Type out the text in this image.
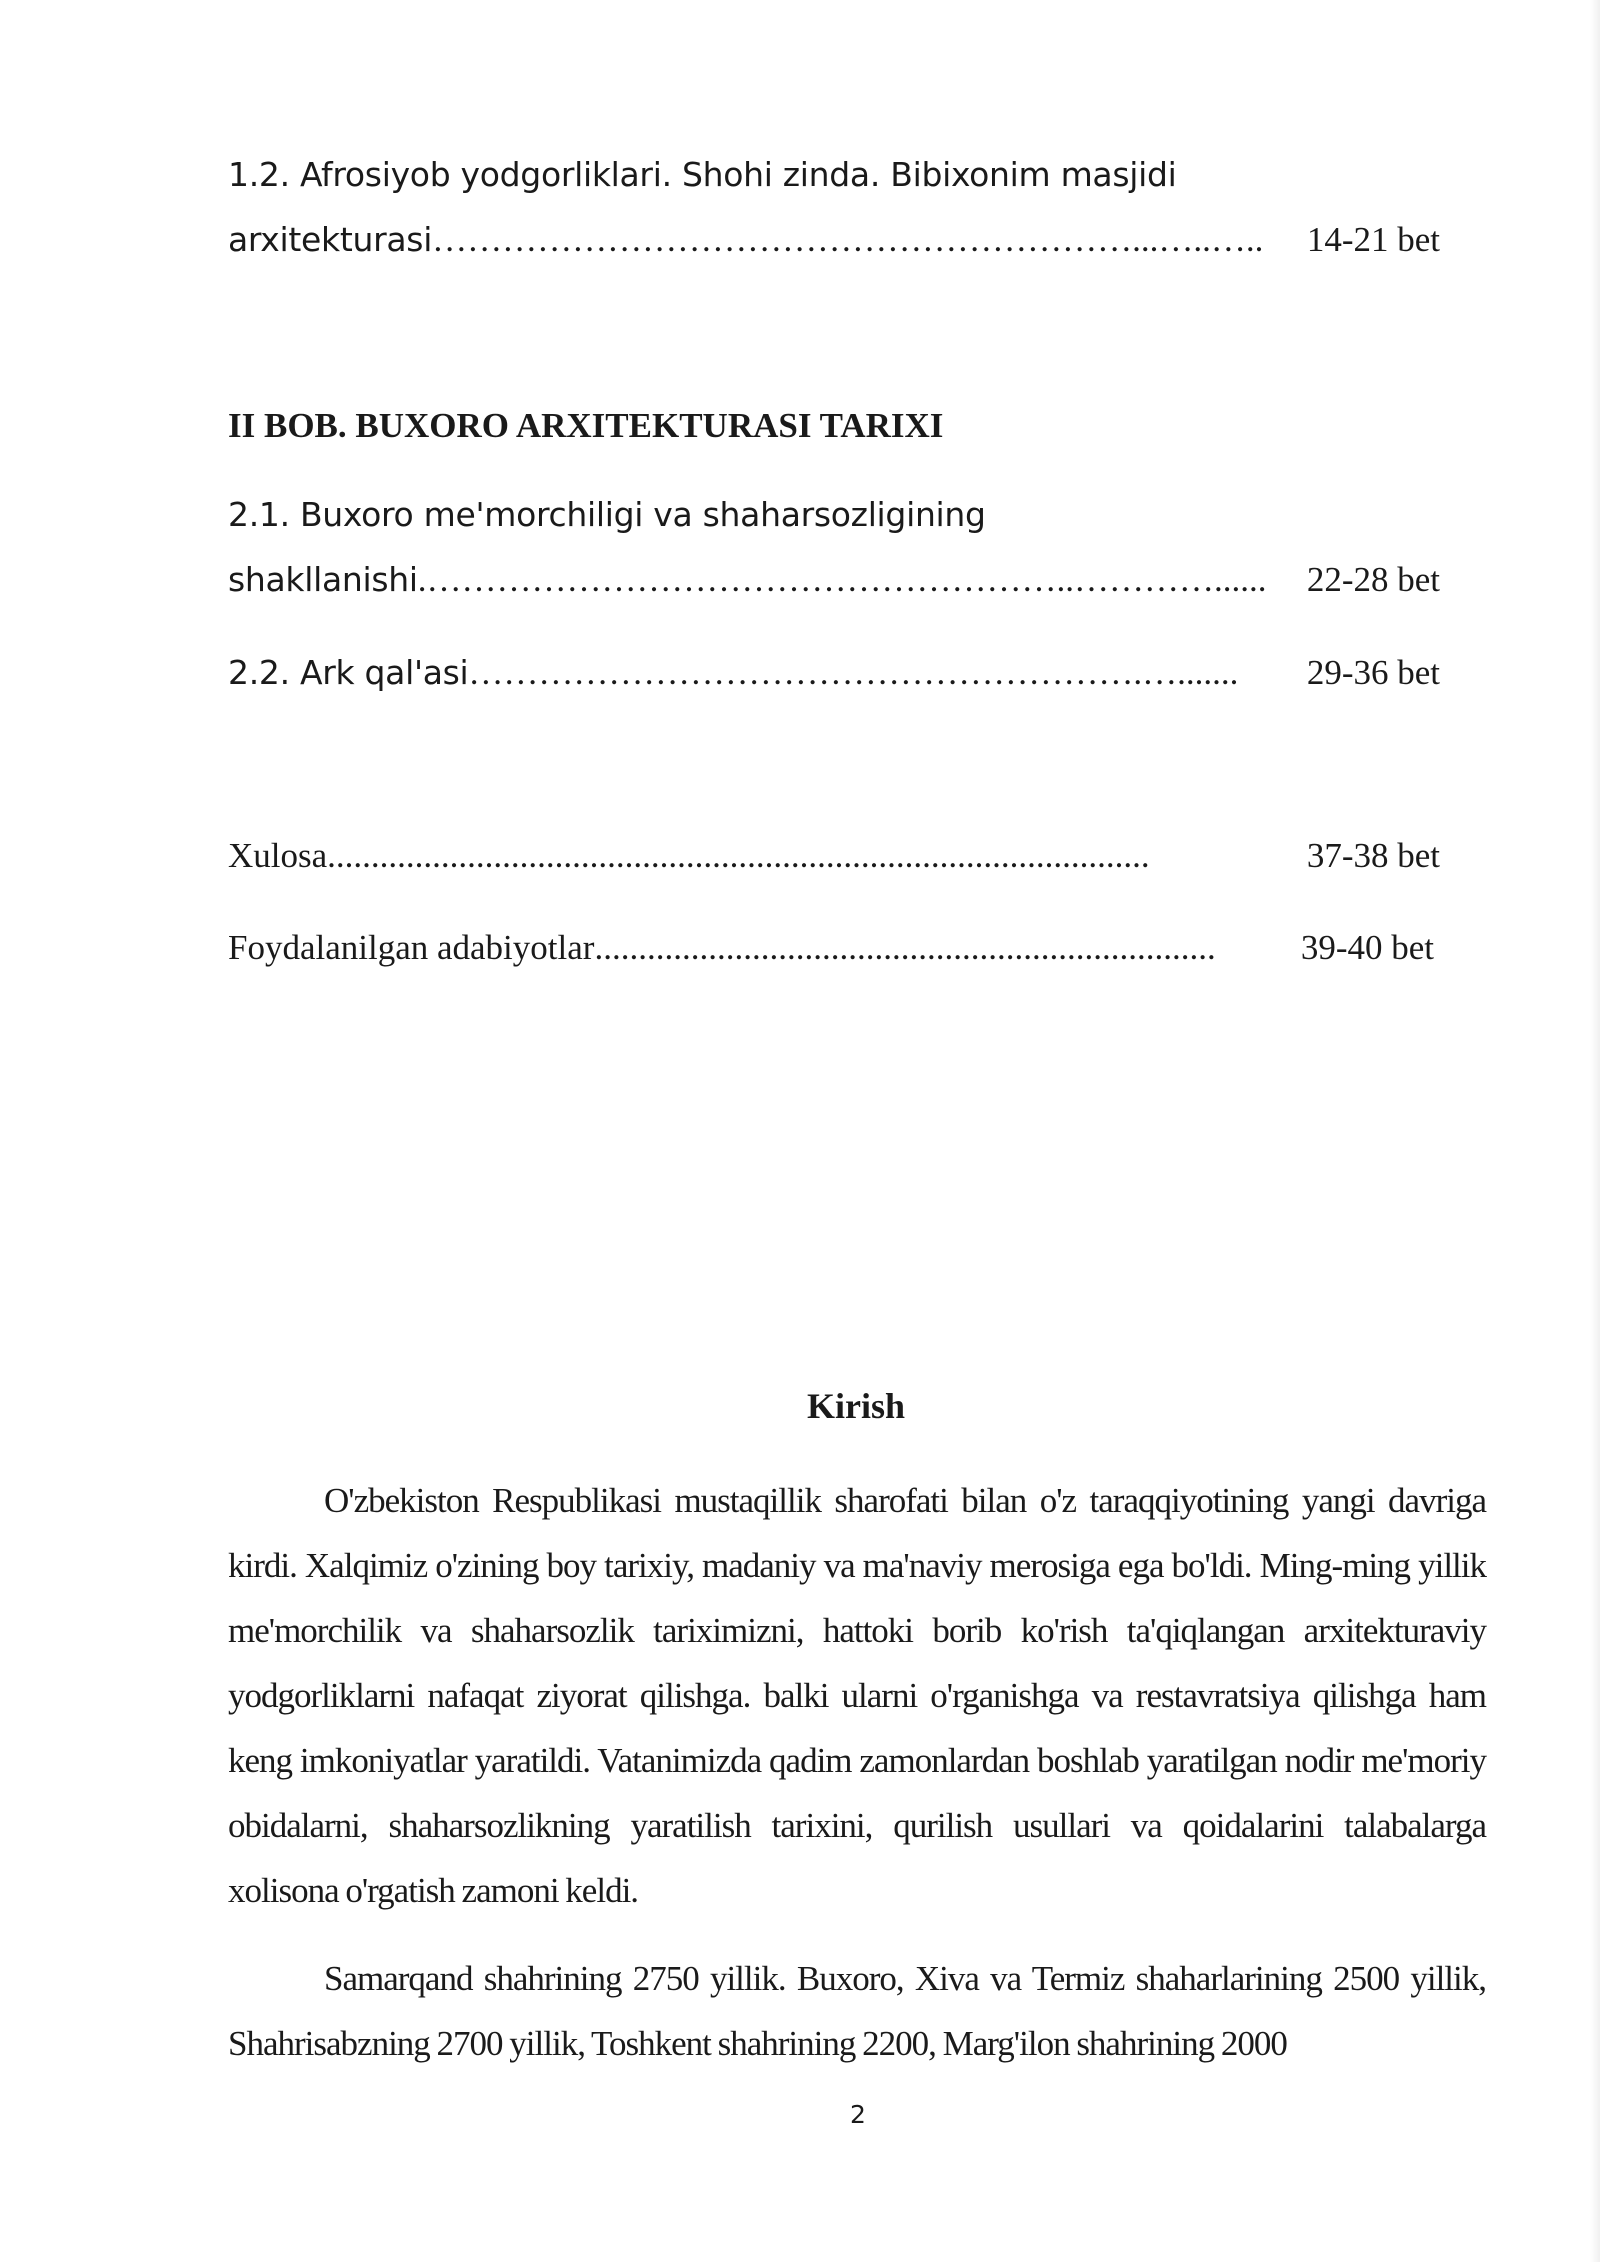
1.2. Afrosiyob yodgorliklari. Shohi zinda. Bibixonim masjidi
arxitekturasi ……………………………………………………...…..…..	14-21 bet
II BOB. BUXORO ARXITEKTURASI TARIXI
2.1. Buxoro me'morchiligi va shaharsozligining
shakllanishi .………………………………………………..…………......	22-28 bet
2.2. Ark qal'asi ………………………………………………….….......	29-36 bet
Xulosa ..............................................................................................	37-38 bet
Foydalanilgan adabiyotlar .......................................................................	39-40 bet
Kirish

O'zbekiston Respublikasi mustaqillik sharofati bilan o'z taraqqiyotining yangi davriga kirdi. Xalqimiz o'zining boy tarixiy, madaniy va ma'naviy merosiga ega bo'ldi. Ming-ming yillik me'morchilik va shaharsozlik tariximizni, hattoki borib ko'rish ta'qiqlangan arxitekturaviy yodgorliklarni nafaqat ziyorat qilishga. balki ularni o'rganishga va restavratsiya qilishga ham keng imkoniyatlar yaratildi. Vatanimizda qadim zamonlardan boshlab yaratilgan nodir me'moriy obidalarni, shaharsozlikning yaratilish tarixini, qurilish usullari va qoidalarini talabalarga xolisona o'rgatish zamoni keldi.

Samarqand shahrining 2750 yillik. Buxoro, Xiva va Termiz shaharlarining 2500 yillik, Shahrisabzning 2700 yillik, Toshkent shahrining 2200, Marg'ilon shahrining 2000

2
